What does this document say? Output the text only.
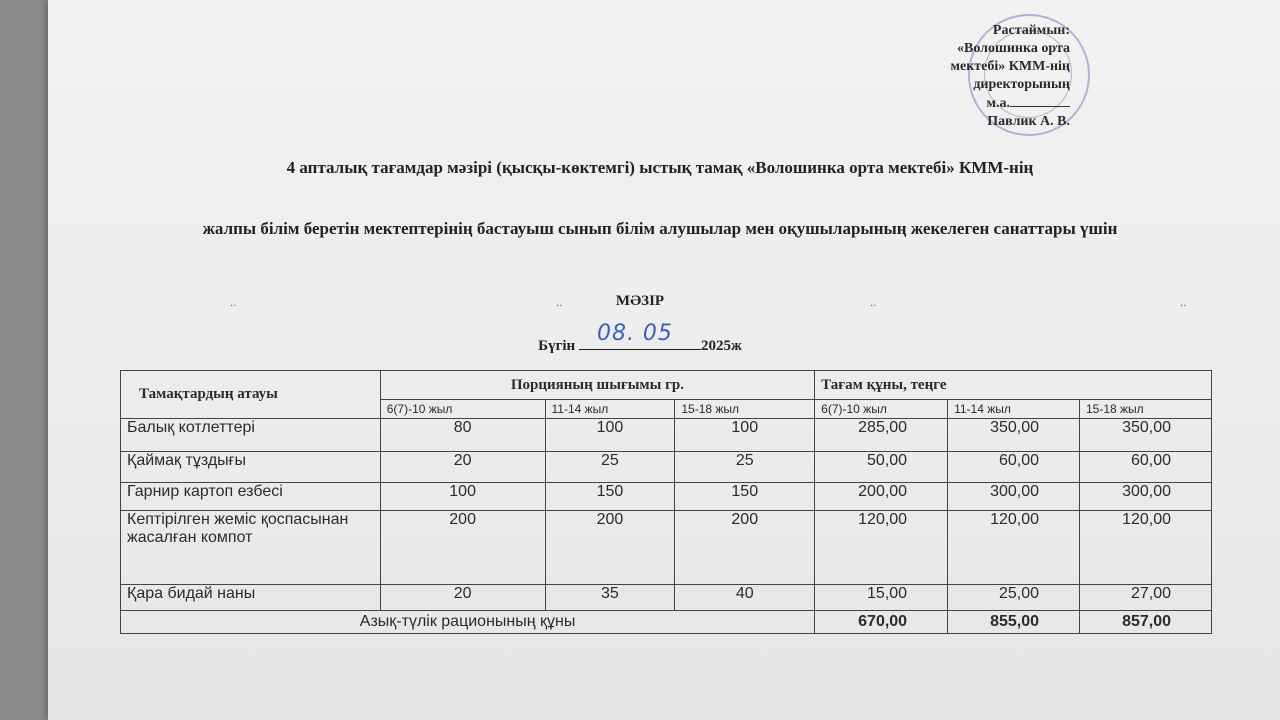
Растаймын:
«Волошинка орта
мектебі» КММ-нің
директорының
м.а.
Павлик А. В.
4 апталық тағамдар мәзірі (қысқы-көктемгі) ыстық тамақ «Волошинка орта мектебі» КММ-нің
жалпы білім беретін мектептерінің бастауыш сынып білім алушылар мен оқушыларының жекелеген санаттары үшін
‥	‥	‥	‥
МӘЗІР
Бүгін 08. 05 2025ж
Тамақтардың атауы	Порцияның шығымы гр.			Тағам құны, теңге		
	6(7)-10 жыл	11-14 жыл	15-18 жыл	6(7)-10 жыл	11-14 жыл	15-18 жыл
Балық котлеттері	80	100	100	285,00	350,00	350,00
Қаймақ тұздығы	20	25	25	50,00	60,00	60,00
Гарнир картоп езбесі	100	150	150	200,00	300,00	300,00
Кептірілген жеміс қоспасынан жасалған компот	200	200	200	120,00	120,00	120,00
Қара бидай наны	20	35	40	15,00	25,00	27,00
Азық-түлік рационының құны				670,00	855,00	857,00
